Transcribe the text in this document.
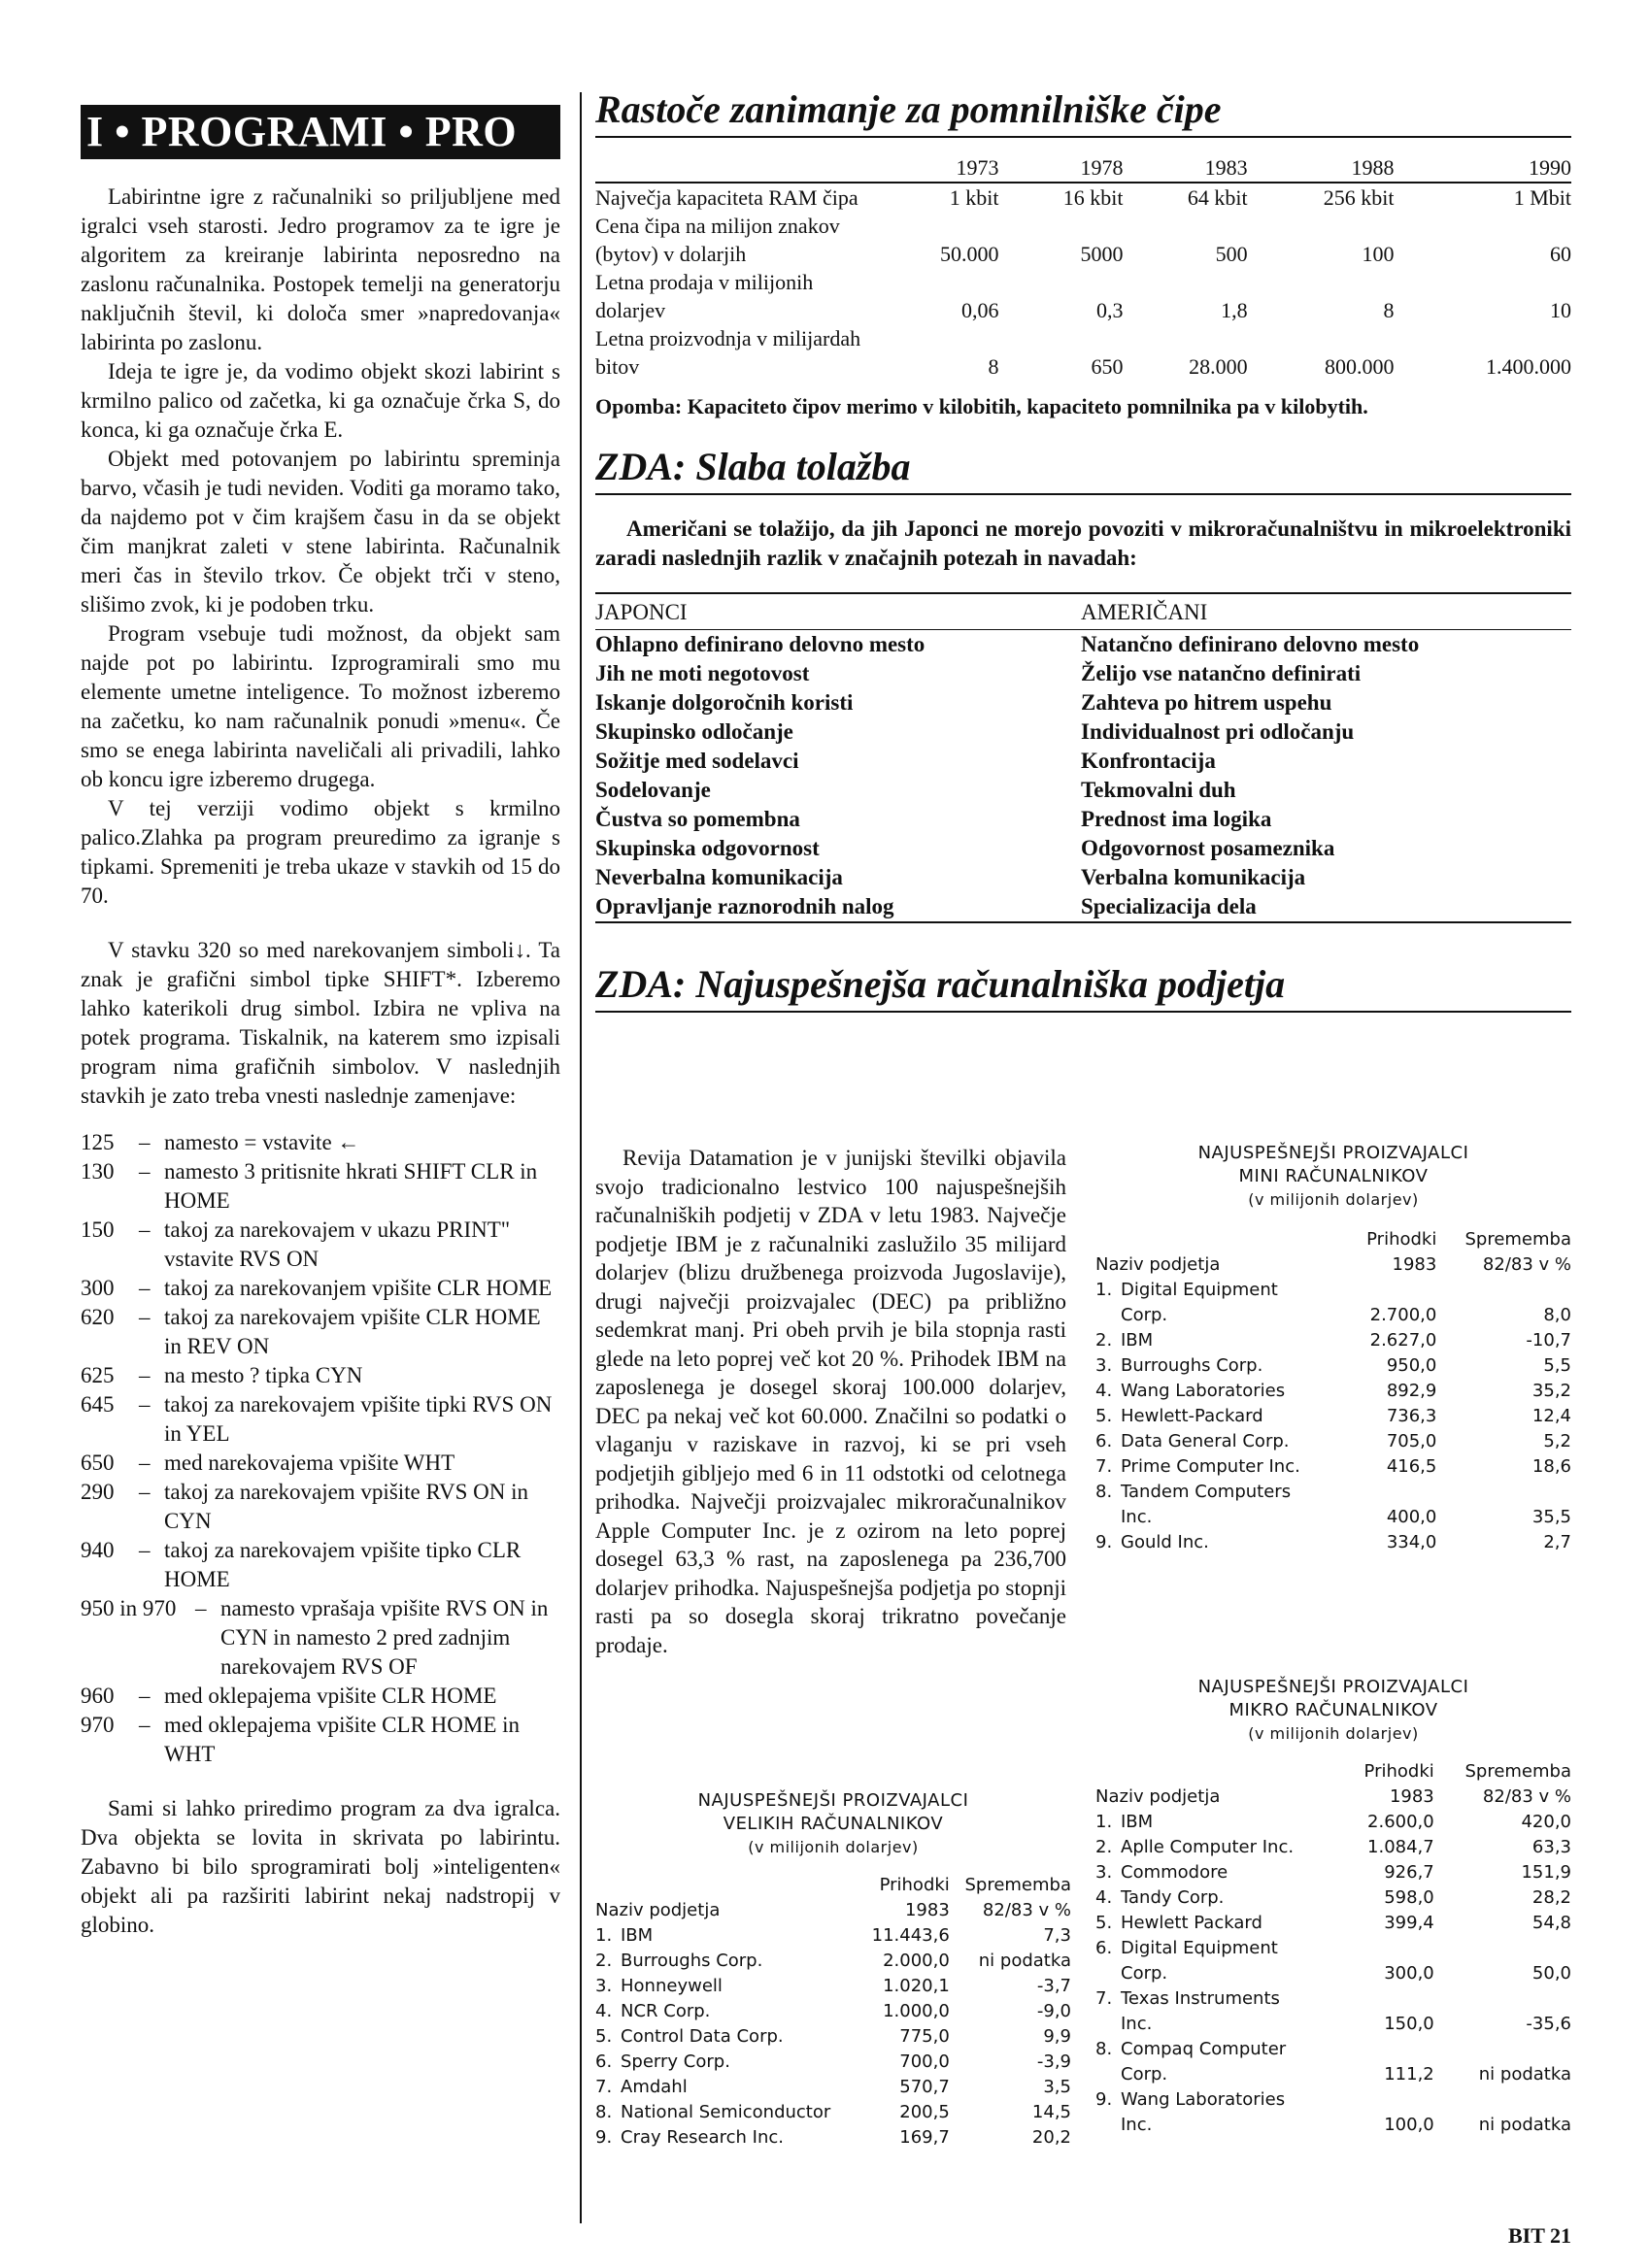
I • PROGRAMI • PRO

Labirintne igre z računalniki so priljubljene med igralci vseh starosti. Jedro programov za te igre je algoritem za kreiranje labirinta neposredno na zaslonu računalnika. Postopek temelji na generatorju naključnih števil, ki določa smer »napredovanja« labirinta po zaslonu.

Ideja te igre je, da vodimo objekt skozi labirint s krmilno palico od začetka, ki ga označuje črka S, do konca, ki ga označuje črka E.

Objekt med potovanjem po labirintu spreminja barvo, včasih je tudi neviden. Voditi ga moramo tako, da najdemo pot v čim krajšem času in da se objekt čim manjkrat zaleti v stene labirinta. Računalnik meri čas in število trkov. Če objekt trči v steno, slišimo zvok, ki je podoben trku.

Program vsebuje tudi možnost, da objekt sam najde pot po labirintu. Izprogramirali smo mu elemente umetne inteligence. To možnost izberemo na začetku, ko nam računalnik ponudi »menu«. Če smo se enega labirinta naveličali ali privadili, lahko ob koncu igre izberemo drugega.

V tej verziji vodimo objekt s krmilno palico.Zlahka pa program preuredimo za igranje s tipkami. Spremeniti je treba ukaze v stavkih od 15 do 70.

V stavku 320 so med narekovanjem simboli↓. Ta znak je grafični simbol tipke SHIFT*. Izberemo lahko katerikoli drug simbol. Izbira ne vpliva na potek programa. Tiskalnik, na katerem smo izpisali program nima grafičnih simbolov. V naslednjih stavkih je zato treba vnesti naslednje zamenjave:

125	– namesto = vstavite ←
130	– namesto 3 pritisnite hkrati SHIFT CLR in HOME
150	– takoj za narekovajem v ukazu PRINT" vstavite RVS ON
300	– takoj za narekovanjem vpišite CLR HOME
620	– takoj za narekovajem vpišite CLR HOME in REV ON
625	– na mesto ? tipka CYN
645	– takoj za narekovajem vpišite tipki RVS ON in YEL
650	– med narekovajema vpišite WHT
290	– takoj za narekovajem vpišite RVS ON in CYN
940	– takoj za narekovajem vpišite tipko CLR HOME
950 in 970 – namesto vprašaja vpišite RVS ON in CYN in namesto 2 pred zadnjim narekovajem RVS OF
960	– med oklepajema vpišite CLR HOME
970	– med oklepajema vpišite CLR HOME in WHT

Sami si lahko priredimo program za dva igralca. Dva objekta se lovita in skrivata po labirintu. Zabavno bi bilo sprogramirati bolj »inteligenten« objekt ali pa razširiti labirint nekaj nadstropij v globino.

Rastoče zanimanje za pomnilniške čipe
	1973	1978	1983	1988	1990
Največja kapaciteta RAM čipa	1 kbit	16 kbit	64 kbit	256 kbit	1 Mbit
Cena čipa na milijon znakov (bytov) v dolarjih	50.000	5000	500	100	60
Letna prodaja v milijonih dolarjev	0,06	0,3	1,8	8	10
Letna proizvodnja v milijardah bitov	8	650	28.000	800.000	1.400.000
Opomba: Kapaciteto čipov merimo v kilobitih, kapaciteto pomnilnika pa v kilobytih.
ZDA: Slaba tolažba

Američani se tolažijo, da jih Japonci ne morejo povoziti v mikroračunalništvu in mikroelektroniki zaradi naslednjih razlik v značajnih potezah in navadah:

JAPONCI	AMERIČANI
Ohlapno definirano delovno mesto	Natančno definirano delovno mesto
Jih ne moti negotovost	Želijo vse natančno definirati
Iskanje dolgoročnih koristi	Zahteva po hitrem uspehu
Skupinsko odločanje	Individualnost pri odločanju
Sožitje med sodelavci	Konfrontacija
Sodelovanje	Tekmovalni duh
Čustva so pomembna	Prednost ima logika
Skupinska odgovornost	Odgovornost posameznika
Neverbalna komunikacija	Verbalna komunikacija
Opravljanje raznorodnih nalog	Specializacija dela
ZDA: Najuspešnejša računalniška podjetja

Revija Datamation je v junijski številki objavila svojo tradicionalno lestvico 100 najuspešnejših računalniških podjetij v ZDA v letu 1983. Največje podjetje IBM je z računalniki zaslužilo 35 milijard dolarjev (blizu družbenega proizvoda Jugoslavije), drugi največji proizvajalec (DEC) pa približno sedemkrat manj. Pri obeh prvih je bila stopnja rasti glede na leto poprej več kot 20 %. Prihodek IBM na zaposlenega je dosegel skoraj 100.000 dolarjev, DEC pa nekaj več kot 60.000. Značilni so podatki o vlaganju v raziskave in razvoj, ki se pri vseh podjetjih gibljejo med 6 in 11 odstotki od celotnega prihodka. Največji proizvajalec mikroračunalnikov Apple Computer Inc. je z ozirom na leto poprej dosegel 63,3 % rast, na zaposlenega pa 236,700 dolarjev prihodka. Najuspešnejša podjetja po stopnji rasti pa so dosegla skoraj trikratno povečanje prodaje.

NAJUSPEŠNEJŠI PROIZVAJALCI
MINI RAČUNALNIKOV
(v milijonih dolarjev)
		Prihodki	Sprememba
Naziv podjetja		1983	82/83 v %
1.	Digital Equipment		
	Corp.	2.700,0	8,0
2.	IBM	2.627,0	-10,7
3.	Burroughs Corp.	950,0	5,5
4.	Wang Laboratories	892,9	35,2
5.	Hewlett-Packard	736,3	12,4
6.	Data General Corp.	705,0	5,2
7.	Prime Computer Inc.	416,5	18,6
8.	Tandem Computers		
	Inc.	400,0	35,5
9.	Gould Inc.	334,0	2,7
NAJUSPEŠNEJŠI PROIZVAJALCI
VELIKIH RAČUNALNIKOV
(v milijonih dolarjev)
		Prihodki	Sprememba
Naziv podjetja		1983	82/83 v %
1.	IBM	11.443,6	7,3
2.	Burroughs Corp.	2.000,0	ni podatka
3.	Honneywell	1.020,1	-3,7
4.	NCR Corp.	1.000,0	-9,0
5.	Control Data Corp.	775,0	9,9
6.	Sperry Corp.	700,0	-3,9
7.	Amdahl	570,7	3,5
8.	National Semiconductor	200,5	14,5
9.	Cray Research Inc.	169,7	20,2
NAJUSPEŠNEJŠI PROIZVAJALCI
MIKRO RAČUNALNIKOV
(v milijonih dolarjev)
		Prihodki	Sprememba
Naziv podjetja		1983	82/83 v %
1.	IBM	2.600,0	420,0
2.	Aplle Computer Inc.	1.084,7	63,3
3.	Commodore	926,7	151,9
4.	Tandy Corp.	598,0	28,2
5.	Hewlett Packard	399,4	54,8
6.	Digital Equipment		
	Corp.	300,0	50,0
7.	Texas Instruments		
	Inc.	150,0	-35,6
8.	Compaq Computer		
	Corp.	111,2	ni podatka
9.	Wang Laboratories		
	Inc.	100,0	ni podatka
BIT 21
